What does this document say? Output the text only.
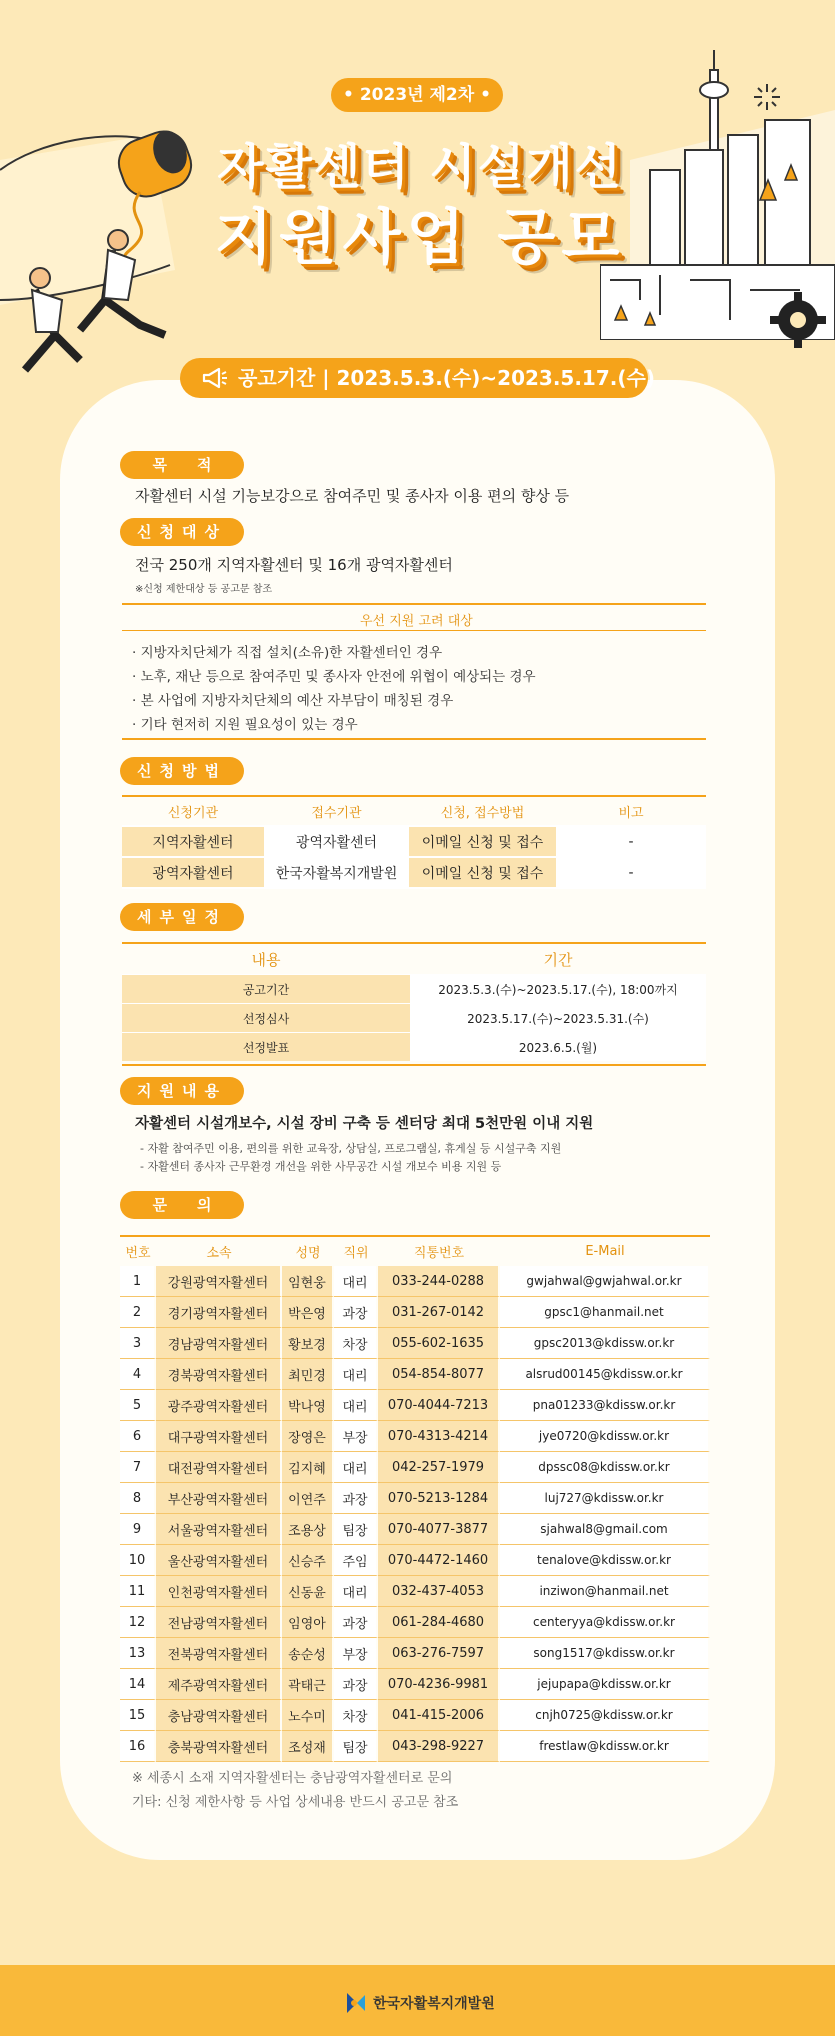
• 2023년 제2차 •
자활센터 시설개선
지원사업 공모
공고기간 | 2023.5.3.(수)~2023.5.17.(수)
목적
자활센터 시설 기능보강으로 참여주민 및 종사자 이용 편의 향상 등
신청대상
전국 250개 지역자활센터 및 16개 광역자활센터
※신청 제한대상 등 공고문 참조
우선 지원 고려 대상
· 지방자치단체가 직접 설치(소유)한 자활센터인 경우
· 노후, 재난 등으로 참여주민 및 종사자 안전에 위협이 예상되는 경우
· 본 사업에 지방자치단체의 예산 자부담이 매칭된 경우
· 기타 현저히 지원 필요성이 있는 경우
신청방법
신청기관	접수기관	신청, 접수방법	비고
지역자활센터	광역자활센터	이메일 신청 및 접수	-
광역자활센터	한국자활복지개발원	이메일 신청 및 접수	-
세부일정
내용	기간
공고기간	2023.5.3.(수)~2023.5.17.(수), 18:00까지
선정심사	2023.5.17.(수)~2023.5.31.(수)
선정발표	2023.6.5.(월)
지원내용
자활센터 시설개보수, 시설 장비 구축 등 센터당 최대 5천만원 이내 지원
- 자활 참여주민 이용, 편의를 위한 교육장, 상담실, 프로그램실, 휴게실 등 시설구축 지원
- 자활센터 종사자 근무환경 개선을 위한 사무공간 시설 개보수 비용 지원 등
문의
번호	소속	성명	직위	직통번호	E-Mail
1	강원광역자활센터	임현웅	대리	033-244-0288	gwjahwal@gwjahwal.or.kr
2	경기광역자활센터	박은영	과장	031-267-0142	gpsc1@hanmail.net
3	경남광역자활센터	황보경	차장	055-602-1635	gpsc2013@kdissw.or.kr
4	경북광역자활센터	최민경	대리	054-854-8077	alsrud00145@kdissw.or.kr
5	광주광역자활센터	박나영	대리	070-4044-7213	pna01233@kdissw.or.kr
6	대구광역자활센터	장영은	부장	070-4313-4214	jye0720@kdissw.or.kr
7	대전광역자활센터	김지혜	대리	042-257-1979	dpssc08@kdissw.or.kr
8	부산광역자활센터	이연주	과장	070-5213-1284	luj727@kdissw.or.kr
9	서울광역자활센터	조용상	팀장	070-4077-3877	sjahwal8@gmail.com
10	울산광역자활센터	신승주	주임	070-4472-1460	tenalove@kdissw.or.kr
11	인천광역자활센터	신동윤	대리	032-437-4053	inziwon@hanmail.net
12	전남광역자활센터	임영아	과장	061-284-4680	centeryya@kdissw.or.kr
13	전북광역자활센터	송순성	부장	063-276-7597	song1517@kdissw.or.kr
14	제주광역자활센터	곽태근	과장	070-4236-9981	jejupapa@kdissw.or.kr
15	충남광역자활센터	노수미	차장	041-415-2006	cnjh0725@kdissw.or.kr
16	충북광역자활센터	조성재	팀장	043-298-9227	frestlaw@kdissw.or.kr
※ 세종시 소재 지역자활센터는 충남광역자활센터로 문의
기타: 신청 제한사항 등 사업 상세내용 반드시 공고문 참조
한국자활복지개발원
